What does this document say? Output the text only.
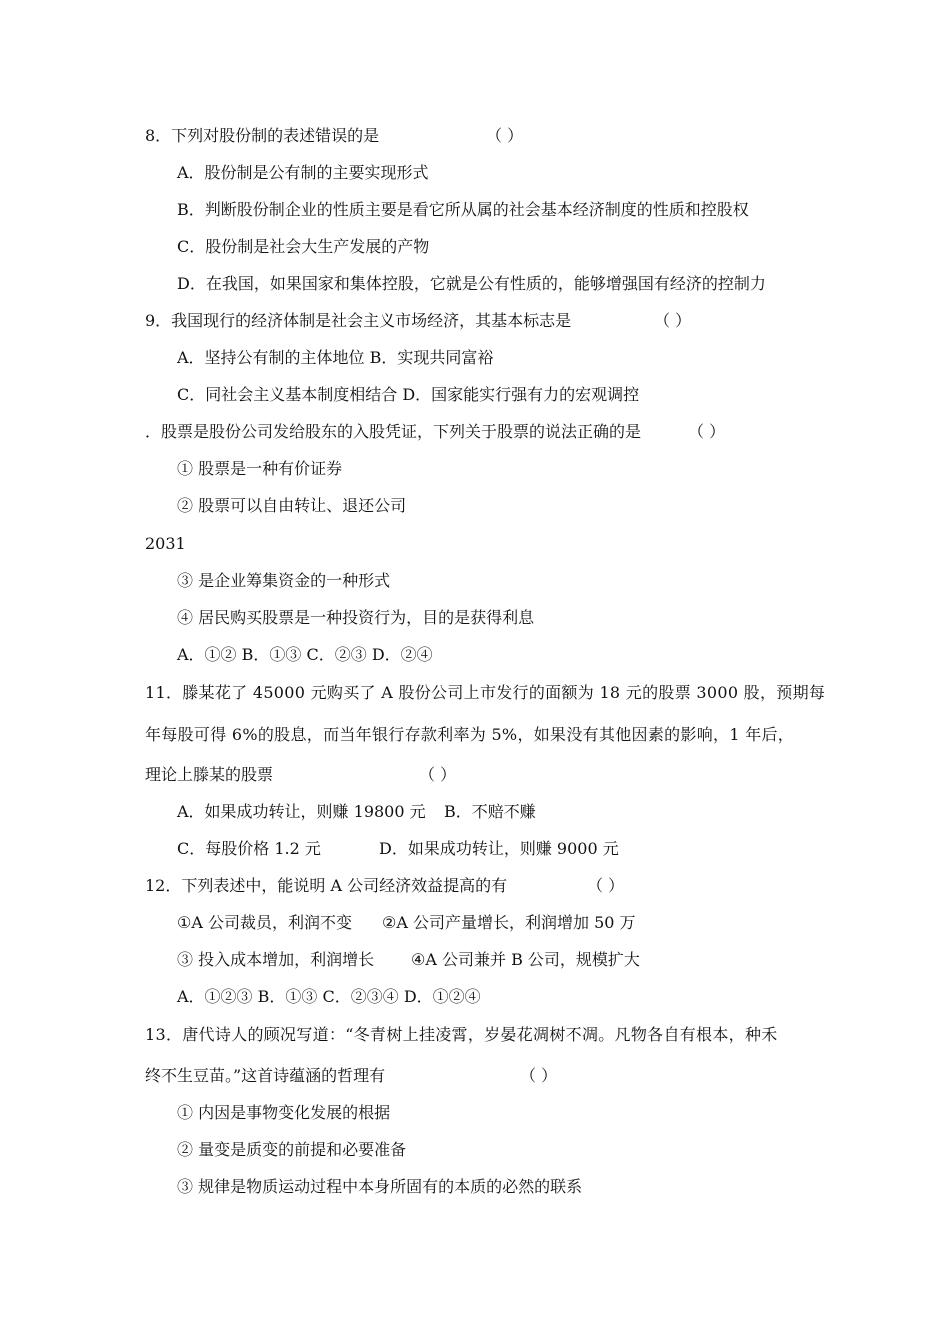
8．下列对股份制的表述错误的是	（ ）
A．股份制是公有制的主要实现形式
B．判断股份制企业的性质主要是看它所从属的社会基本经济制度的性质和控股权
C．股份制是社会大生产发展的产物
D．在我国，如果国家和集体控股，它就是公有性质的，能够增强国有经济的控制力
9．我国现行的经济体制是社会主义市场经济，其基本标志是	（ ）
A．坚持公有制的主体地位 B．实现共同富裕
C．同社会主义基本制度相结合 D．国家能实行强有力的宏观调控
．股票是股份公司发给股东的入股凭证，下列关于股票的说法正确的是	（ ）
① 股票是一种有价证券
② 股票可以自由转让、退还公司
2031
③ 是企业筹集资金的一种形式
④ 居民购买股票是一种投资行为，目的是获得利息
A．①② B．①③ C．②③ D．②④
11．滕某花了 45000 元购买了 A 股份公司上市发行的面额为 18 元的股票 3000 股，预期每
年每股可得 6%的股息，而当年银行存款利率为 5%，如果没有其他因素的影响，1 年后，
理论上滕某的股票	（ ）
A．如果成功转让，则赚 19800 元 B．不赔不赚
C．每股价格 1.2 元	D．如果成功转让，则赚 9000 元
12．下列表述中，能说明 A 公司经济效益提高的有	（ ）
①A 公司裁员，利润不变 ②A 公司产量增长，利润增加 50 万
③ 投入成本增加，利润增长 ④A 公司兼并 B 公司，规模扩大
A．①②③ B．①③ C．②③④ D．①②④
13．唐代诗人的顾况写道：“冬青树上挂凌霄，岁晏花凋树不凋。凡物各自有根本，种禾
终不生豆苗。”这首诗蕴涵的哲理有	（ ）
① 内因是事物变化发展的根据
② 量变是质变的前提和必要准备
③ 规律是物质运动过程中本身所固有的本质的必然的联系
